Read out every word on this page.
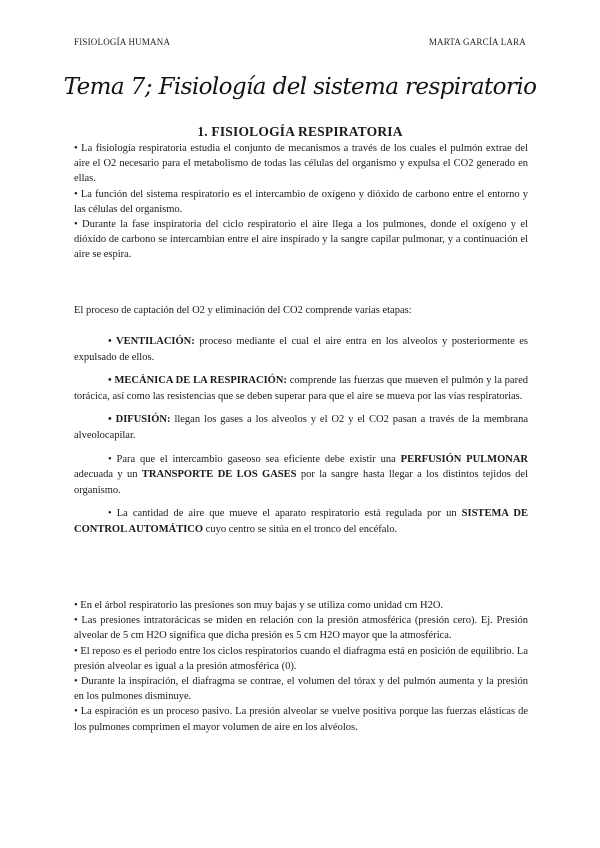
FISIOLOGÍA HUMANA	MARTA GARCÍA LARA
Tema 7; Fisiología del sistema respiratorio
1. FISIOLOGÍA RESPIRATORIA

• La fisiología respiratoria estudia el conjunto de mecanismos a través de los cuales el pulmón extrae del aire el O2 necesario para el metabolismo de todas las células del organismo y expulsa el CO2 generado en ellas.

• La función del sistema respiratorio es el intercambio de oxígeno y dióxido de carbono entre el entorno y las células del organismo.

• Durante la fase inspiratoria del ciclo respiratorio el aire llega a los pulmones, donde el oxígeno y el dióxido de carbono se intercambian entre el aire inspirado y la sangre capilar pulmonar, y a continuación el aire se espira.

El proceso de captación del O2 y eliminación del CO2 comprende varias etapas:

• VENTILACIÓN: proceso mediante el cual el aire entra en los alveolos y posteriormente es expulsado de ellos.

• MECÁNICA DE LA RESPIRACIÓN: comprende las fuerzas que mueven el pulmón y la pared torácica, así como las resistencias que se deben superar para que el aire se mueva por las vías respiratorias.

• DIFUSIÓN: llegan los gases a los alveolos y el O2 y el CO2 pasan a través de la membrana alveolocapilar.

• Para que el intercambio gaseoso sea eficiente debe existir una PERFUSIÓN PULMONAR adecuada y un TRANSPORTE DE LOS GASES por la sangre hasta llegar a los distintos tejidos del organismo.

• La cantidad de aire que mueve el aparato respiratorio está regulada por un SISTEMA DE CONTROL AUTOMÁTICO cuyo centro se sitúa en el tronco del encéfalo.

• En el árbol respiratorio las presiones son muy bajas y se utiliza como unidad cm H2O.

• Las presiones intratorácicas se miden en relación con la presión atmosférica (presión cero). Ej. Presión alveolar de 5 cm H2O significa que dicha presión es 5 cm H2O mayor que la atmosférica.

• El reposo es el periodo entre los ciclos respiratorios cuando el diafragma está en posición de equilibrio. La presión alveolar es igual a la presión atmosférica (0).

• Durante la inspiración, el diafragma se contrae, el volumen del tórax y del pulmón aumenta y la presión en los pulmones disminuye.

• La espiración es un proceso pasivo. La presión alveolar se vuelve positiva porque las fuerzas elásticas de los pulmones comprimen el mayor volumen de aire en los alvéolos.
